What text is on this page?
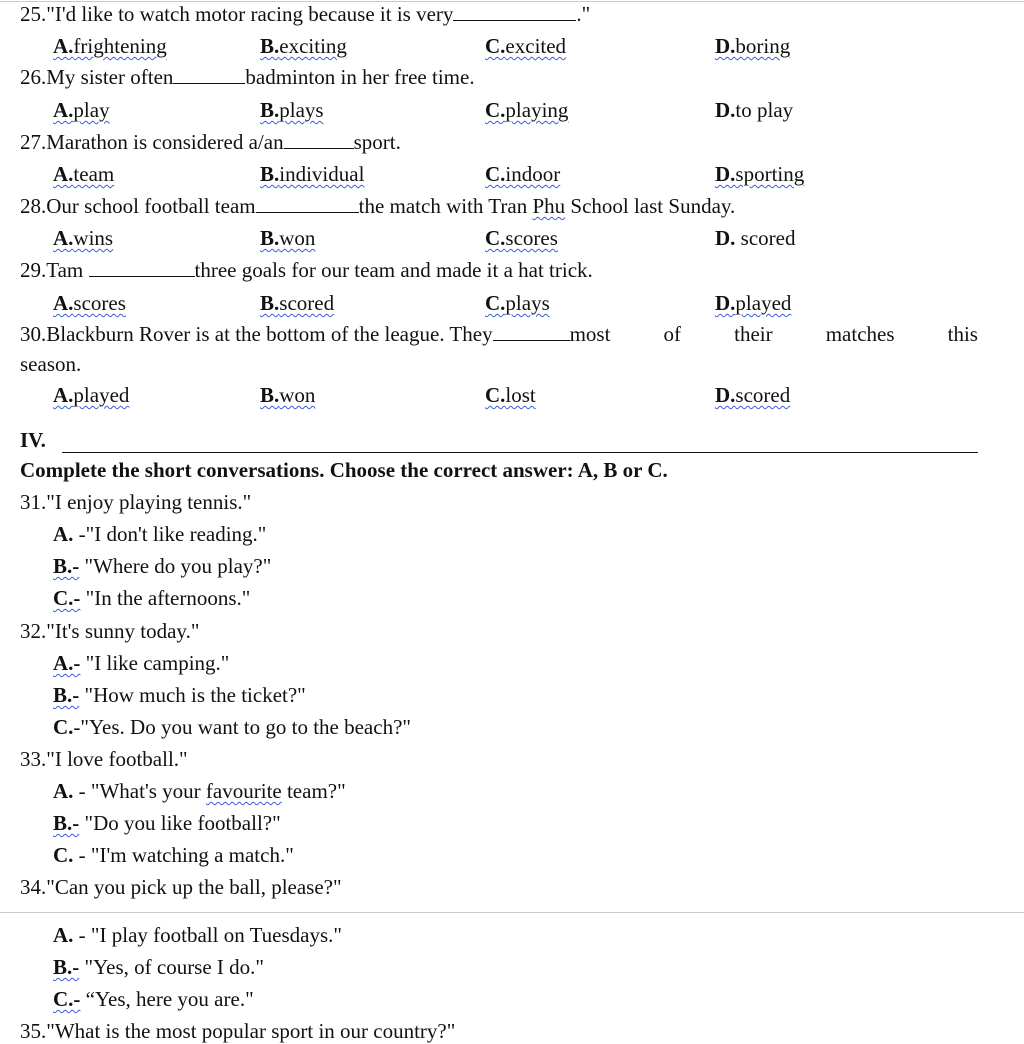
25."I'd like to watch motor racing because it is very	."
A.frightening	B.exciting	C.excited	D.boring
26.My sister often	badminton in her free time.
A.play	B.plays	C.playing	D.to play
27.Marathon is considered a/an	sport.
A.team	B.individual	C.indoor	D.sporting
28.Our school football team	the match with Tran Phu School last Sunday.
A.wins	B.won	C.scores	D. scored
29.Tam	three goals for our team and made it a hat trick.
A.scores	B.scored	C.plays	D.played
30.Blackburn Rover is at the bottom of the league. They	most	of	their	matches	this
season.
A.played	B.won	C.lost	D.scored
IV.
Complete the short conversations. Choose the correct answer: A, B or C.
31."I enjoy playing tennis."
A. -"I don't like reading."
B.- "Where do you play?"
C.- "In the afternoons."
32."It's sunny today."
A.- "I like camping."
B.- "How much is the ticket?"
C.-"Yes. Do you want to go to the beach?"
33."I love football."
A. - "What's your favourite team?"
B.- "Do you like football?"
C. - "I'm watching a match."
34."Can you pick up the ball, please?"
A. - "I play football on Tuesdays."
B.- "Yes, of course I do."
C.- “Yes, here you are."
35."What is the most popular sport in our country?"
